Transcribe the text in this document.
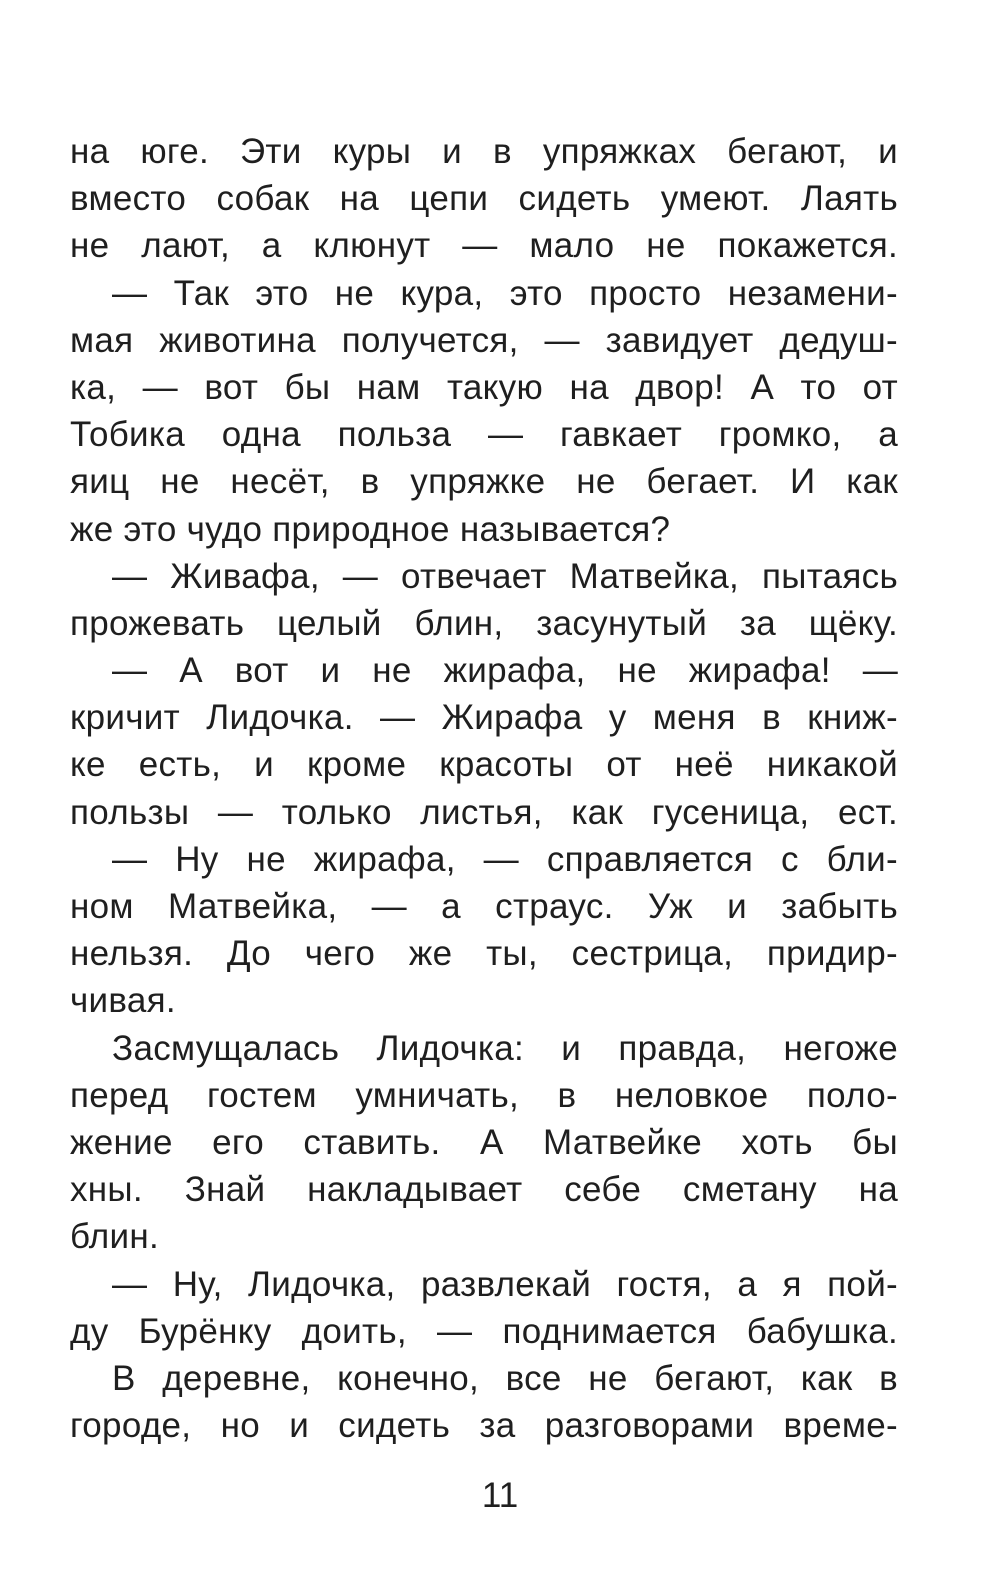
на юге. Эти куры и в упряжках бегают, и
вместо собак на цепи сидеть умеют. Лаять
не лают, а клюнут — мало не покажется.
— Так это не кура, это просто незамени-
мая животина получется, — завидует дедуш-
ка, — вот бы нам такую на двор! А то от
Тобика одна польза — гавкает громко, а
яиц не несёт, в упряжке не бегает. И как
же это чудо природное называется?
— Живафа, — отвечает Матвейка, пытаясь
прожевать целый блин, засунутый за щёку.
— А вот и не жирафа, не жирафа! —
кричит Лидочка. — Жирафа у меня в книж-
ке есть, и кроме красоты от неё никакой
пользы — только листья, как гусеница, ест.
— Ну не жирафа, — справляется с бли-
ном Матвейка, — а страус. Уж и забыть
нельзя. До чего же ты, сестрица, придир-
чивая.
Засмущалась Лидочка: и правда, негоже
перед гостем умничать, в неловкое поло-
жение его ставить. А Матвейке хоть бы
хны. Знай накладывает себе сметану на
блин.
— Ну, Лидочка, развлекай гостя, а я пой-
ду Бурёнку доить, — поднимается бабушка.
В деревне, конечно, все не бегают, как в
городе, но и сидеть за разговорами време-
11
